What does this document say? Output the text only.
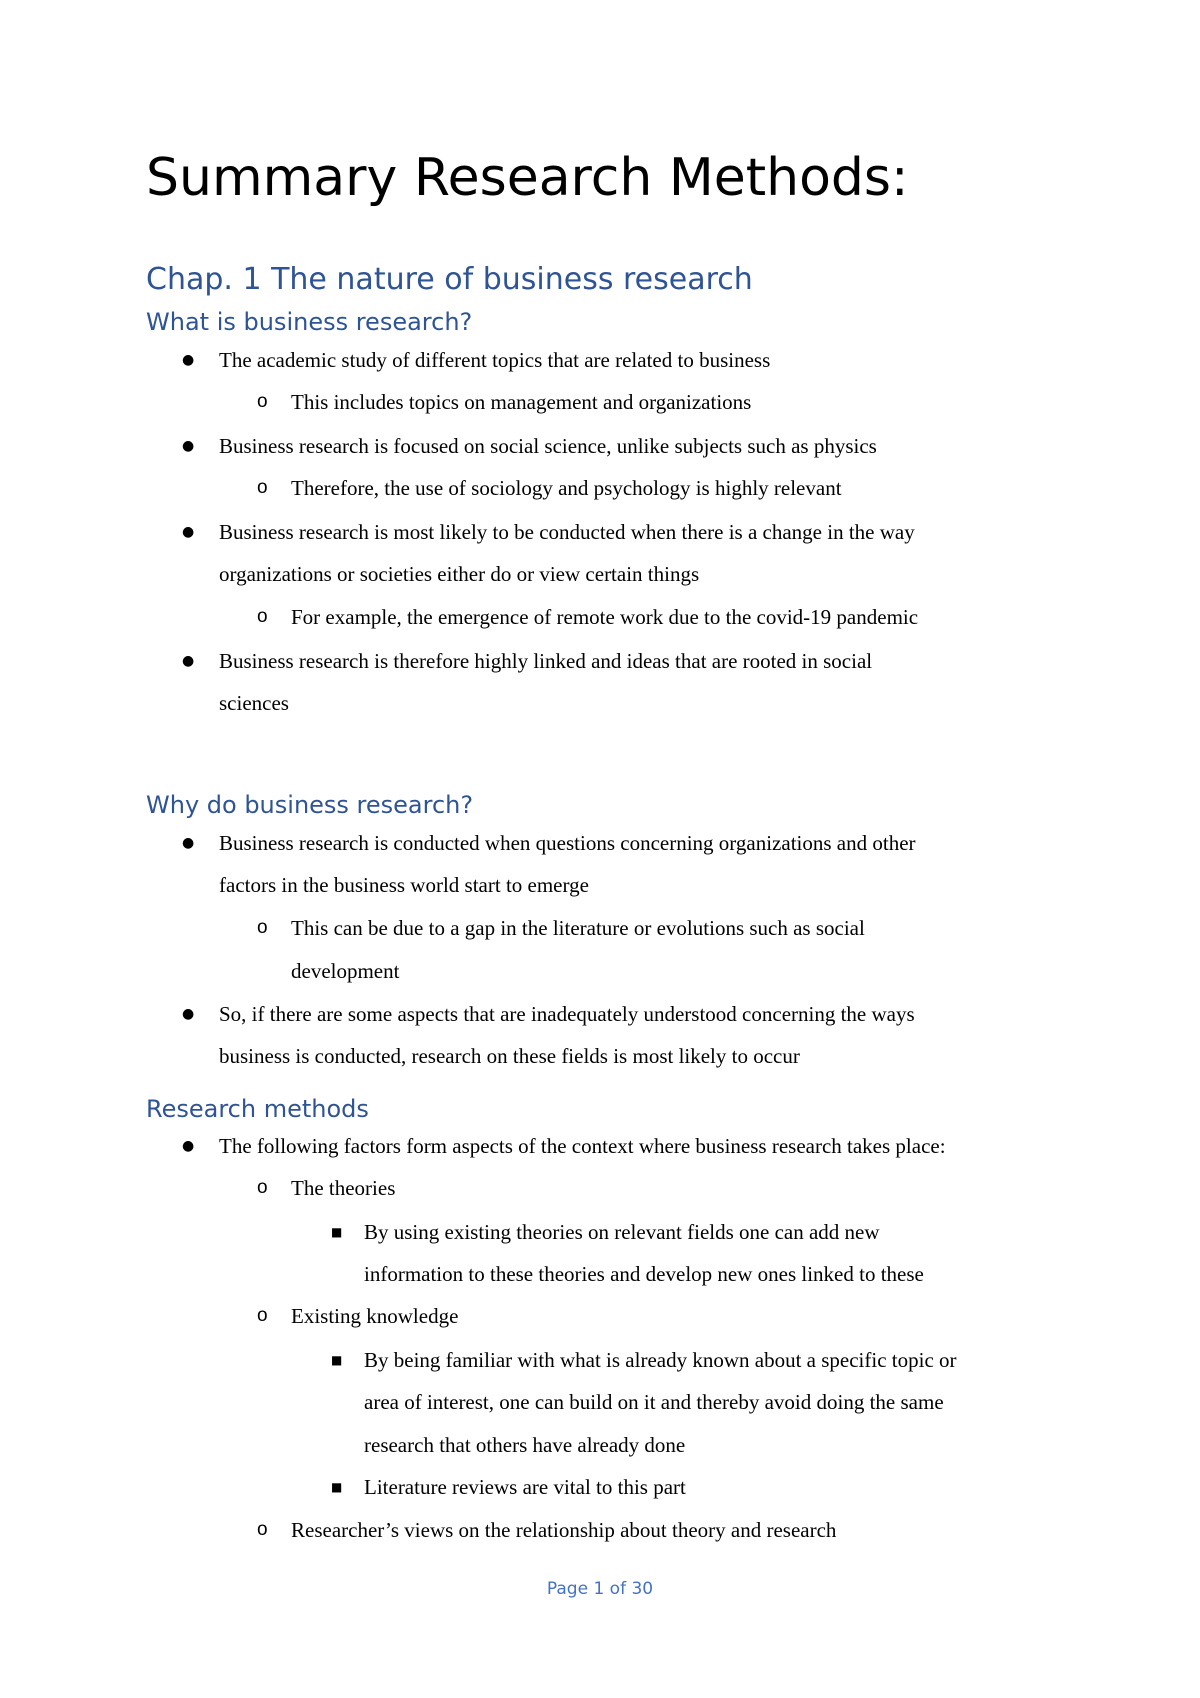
Summary Research Methods:
Chap. 1 The nature of business research
What is business research?
● The academic study of different topics that are related to business
o This includes topics on management and organizations
● Business research is focused on social science, unlike subjects such as physics
o Therefore, the use of sociology and psychology is highly relevant
● Business research is most likely to be conducted when there is a change in the way
organizations or societies either do or view certain things
o For example, the emergence of remote work due to the covid-19 pandemic
● Business research is therefore highly linked and ideas that are rooted in social
sciences
Why do business research?
● Business research is conducted when questions concerning organizations and other
factors in the business world start to emerge
o This can be due to a gap in the literature or evolutions such as social
development
● So, if there are some aspects that are inadequately understood concerning the ways
business is conducted, research on these fields is most likely to occur
Research methods
● The following factors form aspects of the context where business research takes place:
o The theories
■ By using existing theories on relevant fields one can add new
information to these theories and develop new ones linked to these
o Existing knowledge
■ By being familiar with what is already known about a specific topic or
area of interest, one can build on it and thereby avoid doing the same
research that others have already done
■ Literature reviews are vital to this part
o Researcher’s views on the relationship about theory and research
Page 1 of 30
